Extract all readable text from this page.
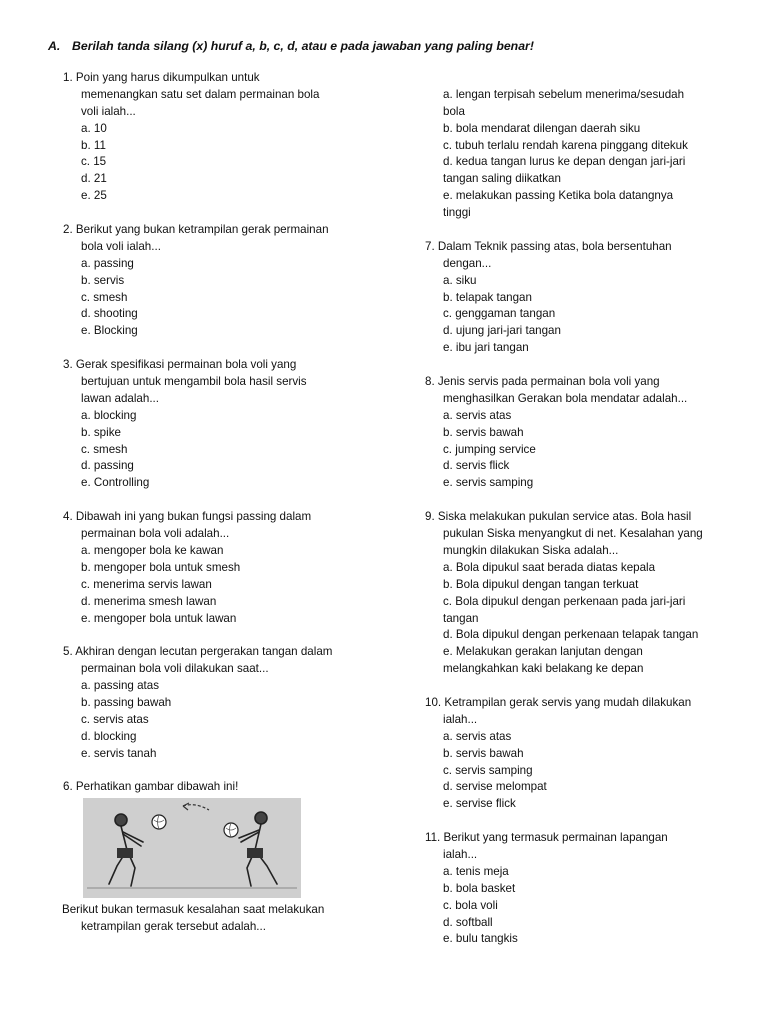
A. Berilah tanda silang (x) huruf a, b, c, d, atau e pada jawaban yang paling benar!
1. Poin yang harus dikumpulkan untuk
memenangkan satu set dalam permainan bola
voli ialah...
a. 10
b. 11
c. 15
d. 21
e. 25
2. Berikut yang bukan ketrampilan gerak permainan
bola voli ialah...
a. passing
b. servis
c. smesh
d. shooting
e. Blocking
3. Gerak spesifikasi permainan bola voli yang
bertujuan untuk mengambil bola hasil servis
lawan adalah...
a. blocking
b. spike
c. smesh
d. passing
e. Controlling
4. Dibawah ini yang bukan fungsi passing dalam
permainan bola voli adalah...
a. mengoper bola ke kawan
b. mengoper bola untuk smesh
c. menerima servis lawan
d. menerima smesh lawan
e. mengoper bola untuk lawan
5. Akhiran dengan lecutan pergerakan tangan dalam
permainan bola voli dilakukan saat...
a. passing atas
b. passing bawah
c. servis atas
d. blocking
e. servis tanah
6. Perhatikan gambar dibawah ini!
Berikut bukan termasuk kesalahan saat melakukan
ketrampilan gerak tersebut adalah...
a. lengan terpisah sebelum menerima/sesudah
bola
b. bola mendarat dilengan daerah siku
c. tubuh terlalu rendah karena pinggang ditekuk
d. kedua tangan lurus ke depan dengan jari-jari
tangan saling diikatkan
e. melakukan passing Ketika bola datangnya
tinggi
7. Dalam Teknik passing atas, bola bersentuhan
dengan...
a. siku
b. telapak tangan
c. genggaman tangan
d. ujung jari-jari tangan
e. ibu jari tangan
8. Jenis servis pada permainan bola voli yang
menghasilkan Gerakan bola mendatar adalah...
a. servis atas
b. servis bawah
c. jumping service
d. servis flick
e. servis samping
9. Siska melakukan pukulan service atas. Bola hasil
pukulan Siska menyangkut di net. Kesalahan yang
mungkin dilakukan Siska adalah...
a. Bola dipukul saat berada diatas kepala
b. Bola dipukul dengan tangan terkuat
c. Bola dipukul dengan perkenaan pada jari-jari
tangan
d. Bola dipukul dengan perkenaan telapak tangan
e. Melakukan gerakan lanjutan dengan
melangkahkan kaki belakang ke depan
10. Ketrampilan gerak servis yang mudah dilakukan
ialah...
a. servis atas
b. servis bawah
c. servis samping
d. servise melompat
e. servise flick
11. Berikut yang termasuk permainan lapangan
ialah...
a. tenis meja
b. bola basket
c. bola voli
d. softball
e. bulu tangkis
